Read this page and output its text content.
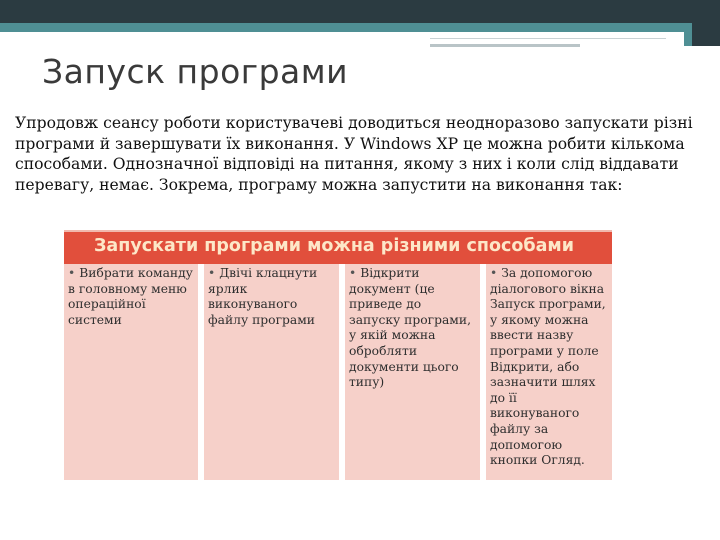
Запуск програми

Упродовж сеансу роботи користувачеві доводиться неодноразово запускати різні програми й завершувати їх виконання. У Windows XP це можна робити кількома способами. Однозначної відповіді на питання, якому з них і коли слід віддавати перевагу, немає. Зокрема, програму можна запустити на виконання так:

Запускати програми можна різними способами
• Вибрати команду в головному меню операційної системи
• Двічі клацнути ярлик виконуваного файлу програми
• Відкрити документ (це приведе до запуску програми, у якій можна обробляти документи цього типу)
• За допомогою діалогового вікна Запуск програми, у якому можна ввести назву програми у поле Відкрити, або зазначити шлях до її виконуваного файлу за допомогою кнопки Огляд.
